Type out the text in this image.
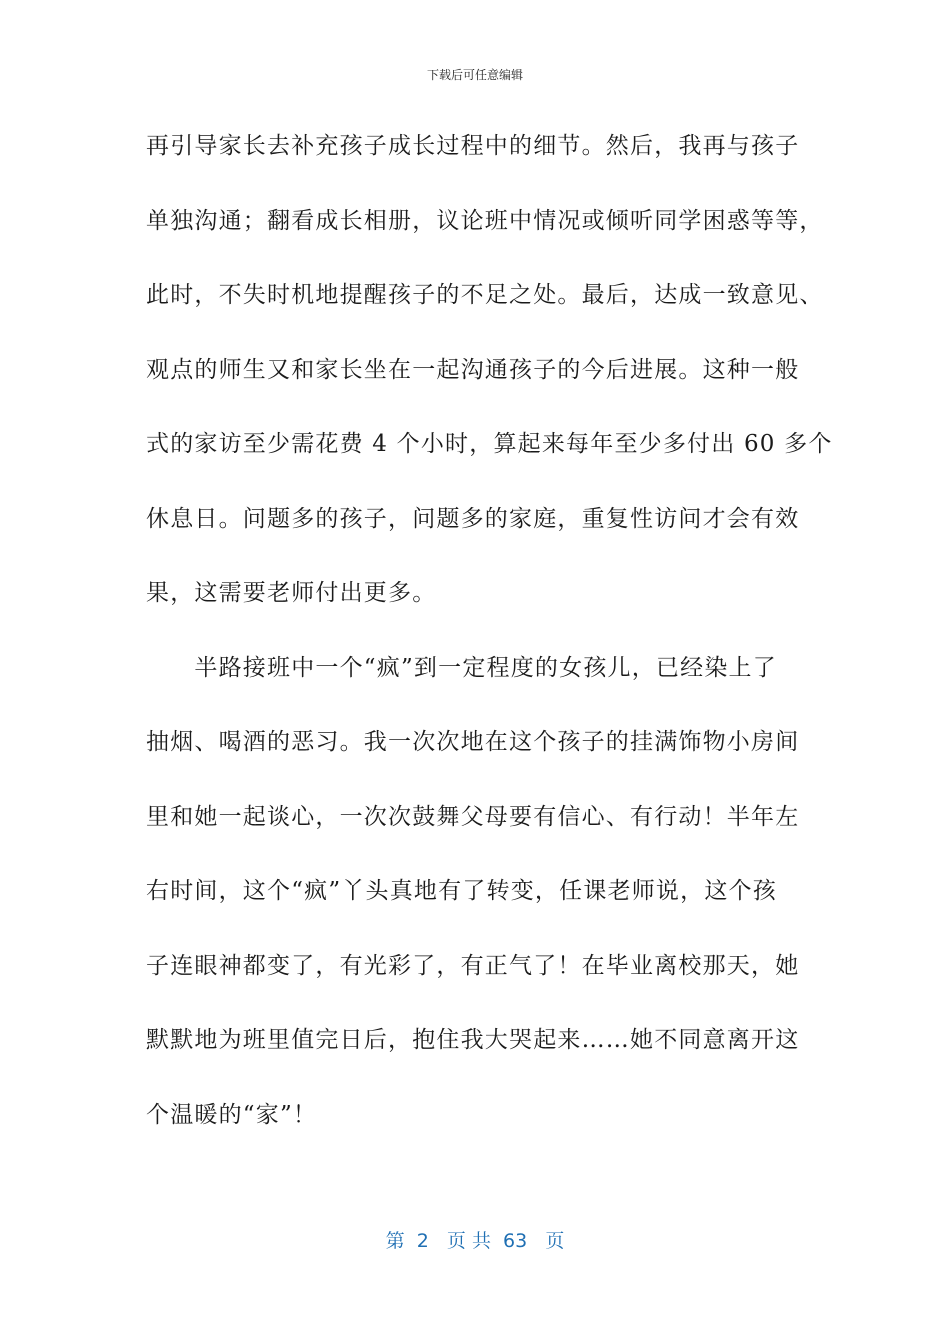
下载后可任意编辑
再引导家长去补充孩子成长过程中的细节。然后，我再与孩子
单独沟通；翻看成长相册，议论班中情况或倾听同学困惑等等，
此时，不失时机地提醒孩子的不足之处。最后，达成一致意见、
观点的师生又和家长坐在一起沟通孩子的今后进展。这种一般
式的家访至少需花费 4 个小时，算起来每年至少多付出 60 多个
休息日。问题多的孩子，问题多的家庭，重复性访问才会有效
果，这需要老师付出更多。
　　半路接班中一个“疯”到一定程度的女孩儿，已经染上了
抽烟、喝酒的恶习。我一次次地在这个孩子的挂满饰物小房间
里和她一起谈心，一次次鼓舞父母要有信心、有行动！半年左
右时间，这个“疯”丫头真地有了转变，任课老师说，这个孩
子连眼神都变了，有光彩了，有正气了！在毕业离校那天，她
默默地为班里值完日后，抱住我大哭起来……她不同意离开这
个温暖的“家”！
第  2   页 共  63   页
